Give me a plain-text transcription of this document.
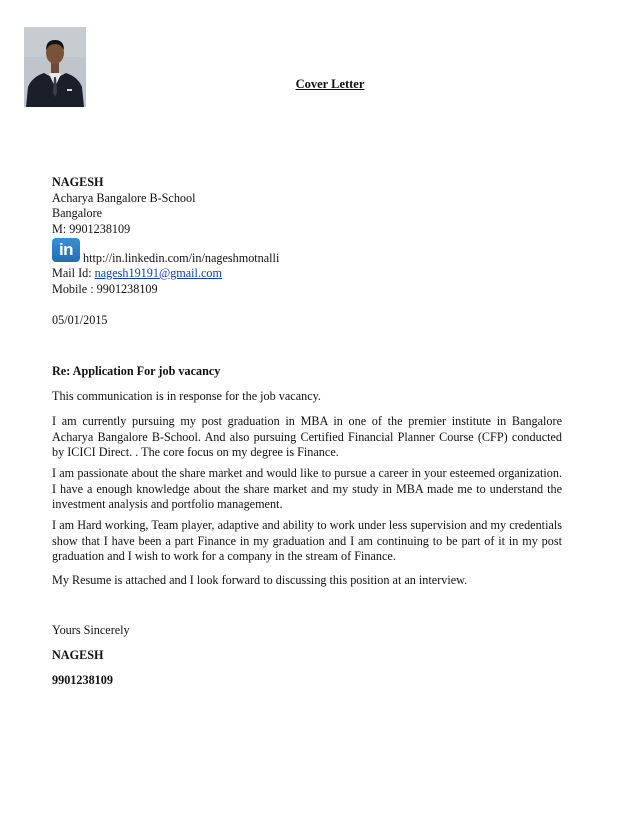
Cover Letter
NAGESH
Acharya Bangalore B-School
Bangalore
M: 9901238109
in http://in.linkedin.com/in/nageshmotnalli
Mail Id: nagesh19191@gmail.com
Mobile : 9901238109
05/01/2015
Re: Application For job vacancy

This communication is in response for the job vacancy.

I am currently pursuing my post graduation in MBA in one of the premier institute in Bangalore Acharya Bangalore B-School. And also pursuing Certified Financial Planner Course (CFP) conducted by ICICI Direct. . The core focus on my degree is Finance.

I am passionate about the share market and would like to pursue a career in your esteemed organization. I have a enough knowledge about the share market and my study in MBA made me to understand the investment analysis and portfolio management.

I am Hard working, Team player, adaptive and ability to work under less supervision and my credentials show that I have been a part Finance in my graduation and I am continuing to be part of it in my post graduation and I wish to work for a company in the stream of Finance.

My Resume is attached and I look forward to discussing this position at an interview.

Yours Sincerely
NAGESH
9901238109
